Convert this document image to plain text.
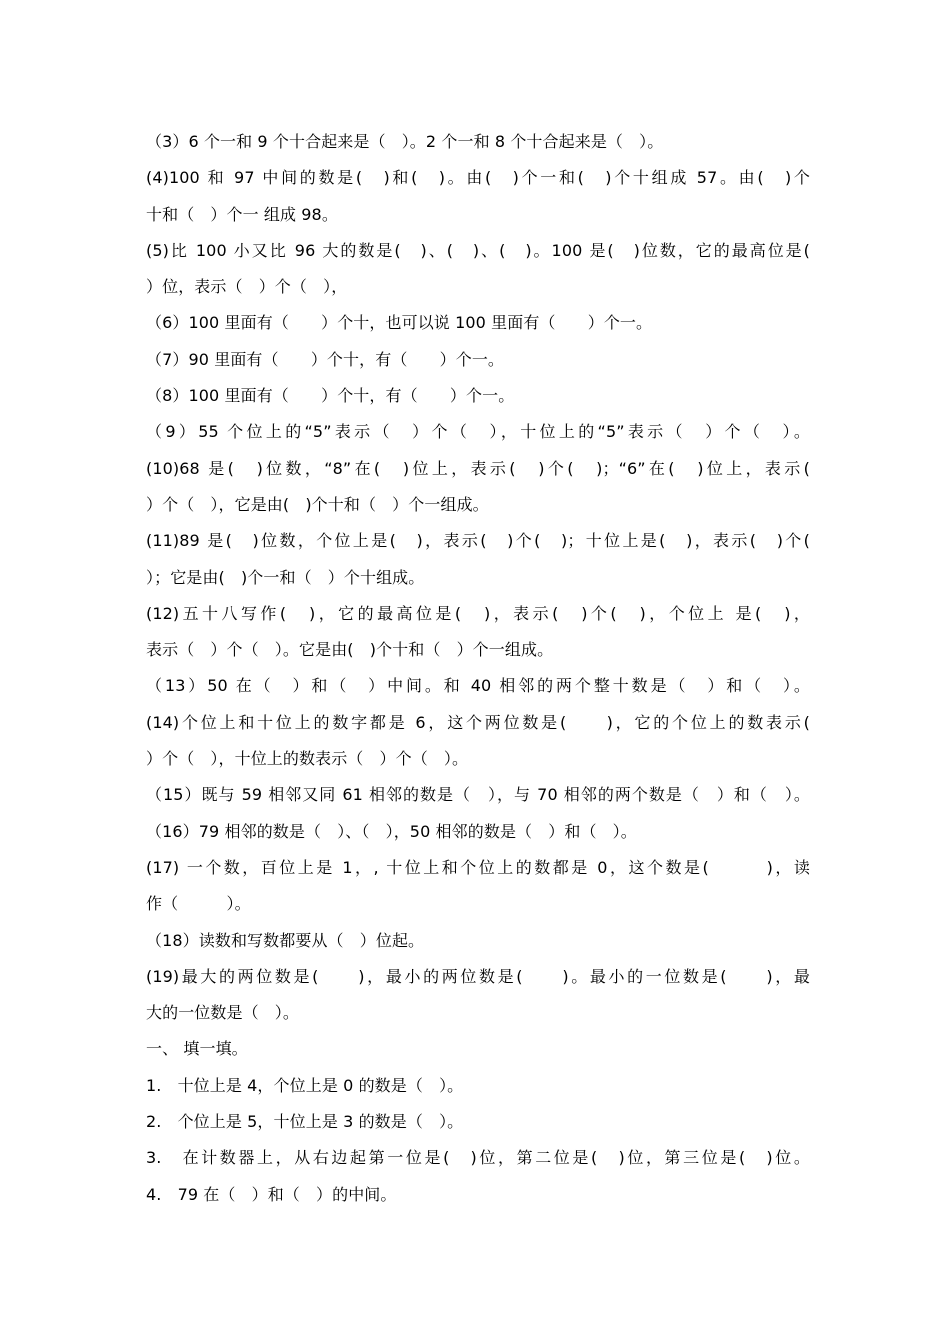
（3）6 个一和 9 个十合起来是（　）。2 个一和 8 个十合起来是（　）。
(4)100 和 97 中间的数是(　)和(　)。由(　)个一和(　)个十组成 57。由(　)个
十和（　）个一 组成 98。
(5)比 100 小又比 96 大的数是(　)、(　)、(　)。100 是(　)位数，它的最高位是(
）位，表示（　）个（　），
（6）100 里面有（　　）个十，也可以说 100 里面有（　　）个一。
（7）90 里面有（　　）个十，有（　　）个一。
（8）100 里面有（　　）个十，有（　　）个一。
（9）55 个位上的“5”表示（　）个（　），十位上的“5”表示（　）个（　）。
(10)68 是(　)位数，“8”在(　)位上，表示(　)个(　)；“6”在(　)位上，表示(
）个（　），它是由(　)个十和（　）个一组成。
(11)89 是(　)位数，个位上是(　)，表示(　)个(　)；十位上是(　)，表示(　)个(
）；它是由(　)个一和（　）个十组成。
(12)五十八写作(　)，它的最高位是(　)，表示(　)个(　)，个位上 是(　)，
表示（　）个（　）。它是由(　)个十和（　）个一组成。
（13）50 在（　）和（　）中间。和 40 相邻的两个整十数是（　）和（　）。
(14)个位上和十位上的数字都是 6，这个两位数是(　　)，它的个位上的数表示(
）个（　），十位上的数表示（　）个（　）。
（15）既与 59 相邻又同 61 相邻的数是（　），与 70 相邻的两个数是（　）和（　）。
（16）79 相邻的数是（　）、（　），50 相邻的数是（　）和（　）。
(17) 一个数，百位上是 1，, 十位上和个位上的数都是 0，这个数是(　　　)，读
作（　　　）。
（18）读数和写数都要从（　）位起。
(19)最大的两位数是(　　)，最小的两位数是(　　)。最小的一位数是(　　)，最
大的一位数是（　）。
一、 填一填。
1.　十位上是 4，个位上是 0 的数是（　）。
2.　个位上是 5，十位上是 3 的数是（　）。
3.　在计数器上，从右边起第一位是(　)位，第二位是(　)位，第三位是(　)位。
4.　79 在（　）和（　）的中间。
